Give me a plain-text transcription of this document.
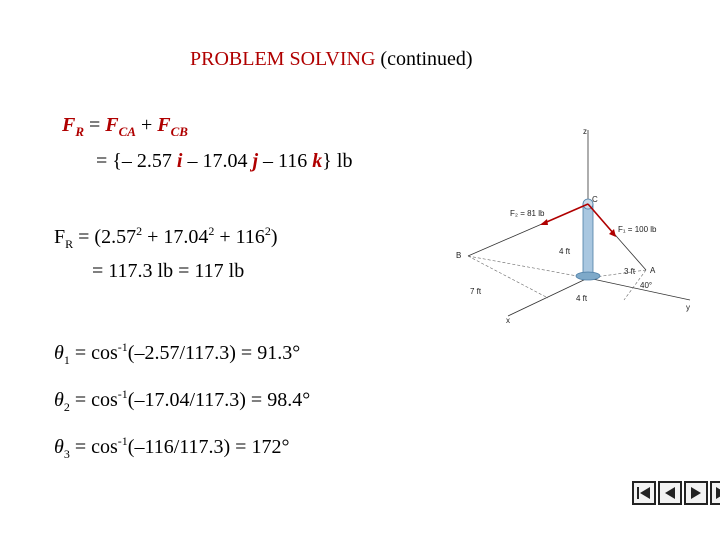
PROBLEM SOLVING (continued)
$F_R = F_{CA} + F_{CB}$
= {– 2.57 i – 17.04 j – 116 k} lb
$F_R = (2.57^2 + 17.04^2 + 116^2)$
= 117.3 lb = 117 lb
$\theta_1 = \cos^{-1}(-2.57/117.3) = 91.3^\circ$
$\theta_2 = \cos^{-1}(-17.04/117.3) = 98.4^\circ$
$\theta_3 = \cos^{-1}(-116/117.3) = 172^\circ$
z
x
y
C
B
A
F₂ = 81 lb
F₁ = 100 lb
4 ft
3 ft
7 ft
4 ft
40°
